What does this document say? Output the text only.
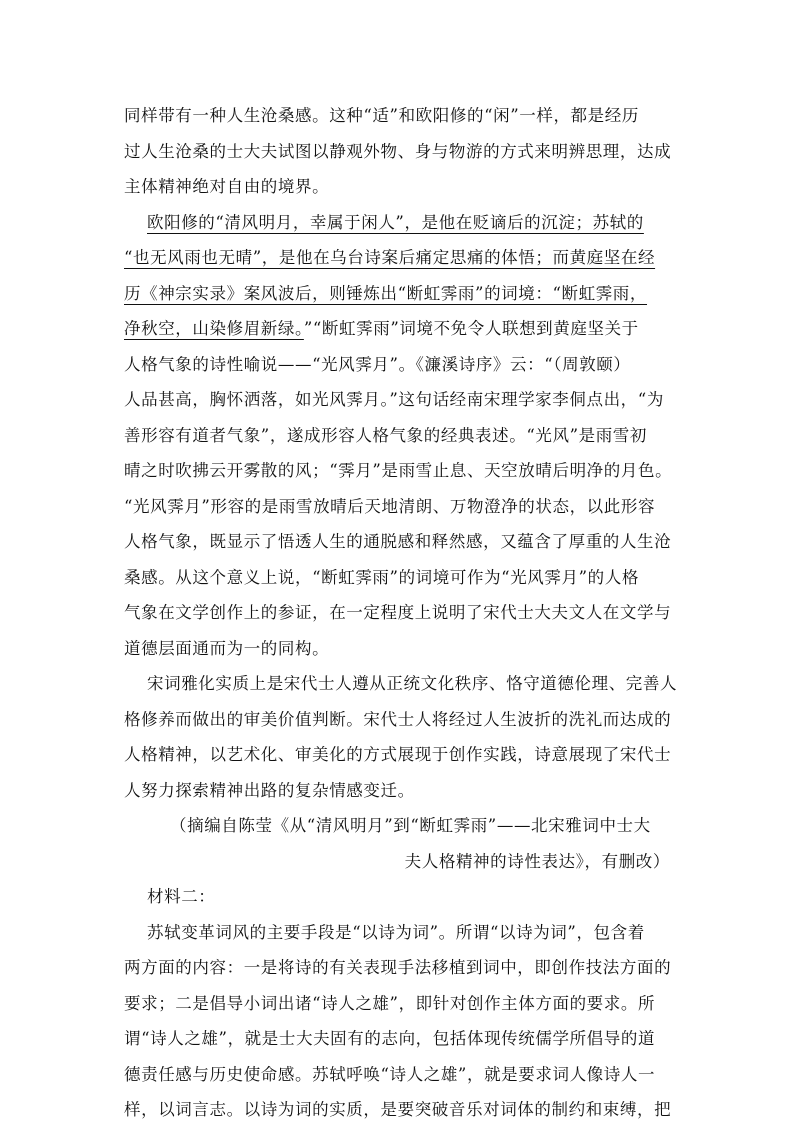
同样带有一种人生沧桑感。这种“适”和欧阳修的“闲”一样，都是经历
过人生沧桑的士大夫试图以静观外物、身与物游的方式来明辨思理，达成
主体精神绝对自由的境界。
欧阳修的“清风明月，幸属于闲人”，是他在贬谪后的沉淀；苏轼的
“也无风雨也无晴”，是他在乌台诗案后痛定思痛的体悟；而黄庭坚在经
历《神宗实录》案风波后，则锤炼出“断虹霁雨”的词境：“断虹霁雨，
净秋空，山染修眉新绿。”“断虹霁雨”词境不免令人联想到黄庭坚关于
人格气象的诗性喻说——“光风霁月”。《濂溪诗序》云：“（周敦颐）
人品甚高，胸怀洒落，如光风霁月。”这句话经南宋理学家李侗点出，“为
善形容有道者气象”，遂成形容人格气象的经典表述。“光风”是雨雪初
晴之时吹拂云开雾散的风；“霁月”是雨雪止息、天空放晴后明净的月色。
“光风霁月”形容的是雨雪放晴后天地清朗、万物澄净的状态，以此形容
人格气象，既显示了悟透人生的通脱感和释然感，又蕴含了厚重的人生沧
桑感。从这个意义上说，“断虹霁雨”的词境可作为“光风霁月”的人格
气象在文学创作上的参证，在一定程度上说明了宋代士大夫文人在文学与
道德层面通而为一的同构。
宋词雅化实质上是宋代士人遵从正统文化秩序、恪守道德伦理、完善人
格修养而做出的审美价值判断。宋代士人将经过人生波折的洗礼而达成的
人格精神，以艺术化、审美化的方式展现于创作实践，诗意展现了宋代士
人努力探索精神出路的复杂情感变迁。
（摘编自陈莹《从“清风明月”到“断虹霁雨”——北宋雅词中士大
夫人格精神的诗性表达》，有删改）
材料二：
苏轼变革词风的主要手段是“以诗为词”。所谓“以诗为词”，包含着
两方面的内容：一是将诗的有关表现手法移植到词中，即创作技法方面的
要求；二是倡导小词出诸“诗人之雄”，即针对创作主体方面的要求。所
谓“诗人之雄”，就是士大夫固有的志向，包括体现传统儒学所倡导的道
德责任感与历史使命感。苏轼呼唤“诗人之雄”，就是要求词人像诗人一
样，以词言志。以诗为词的实质，是要突破音乐对词体的制约和束缚，把
